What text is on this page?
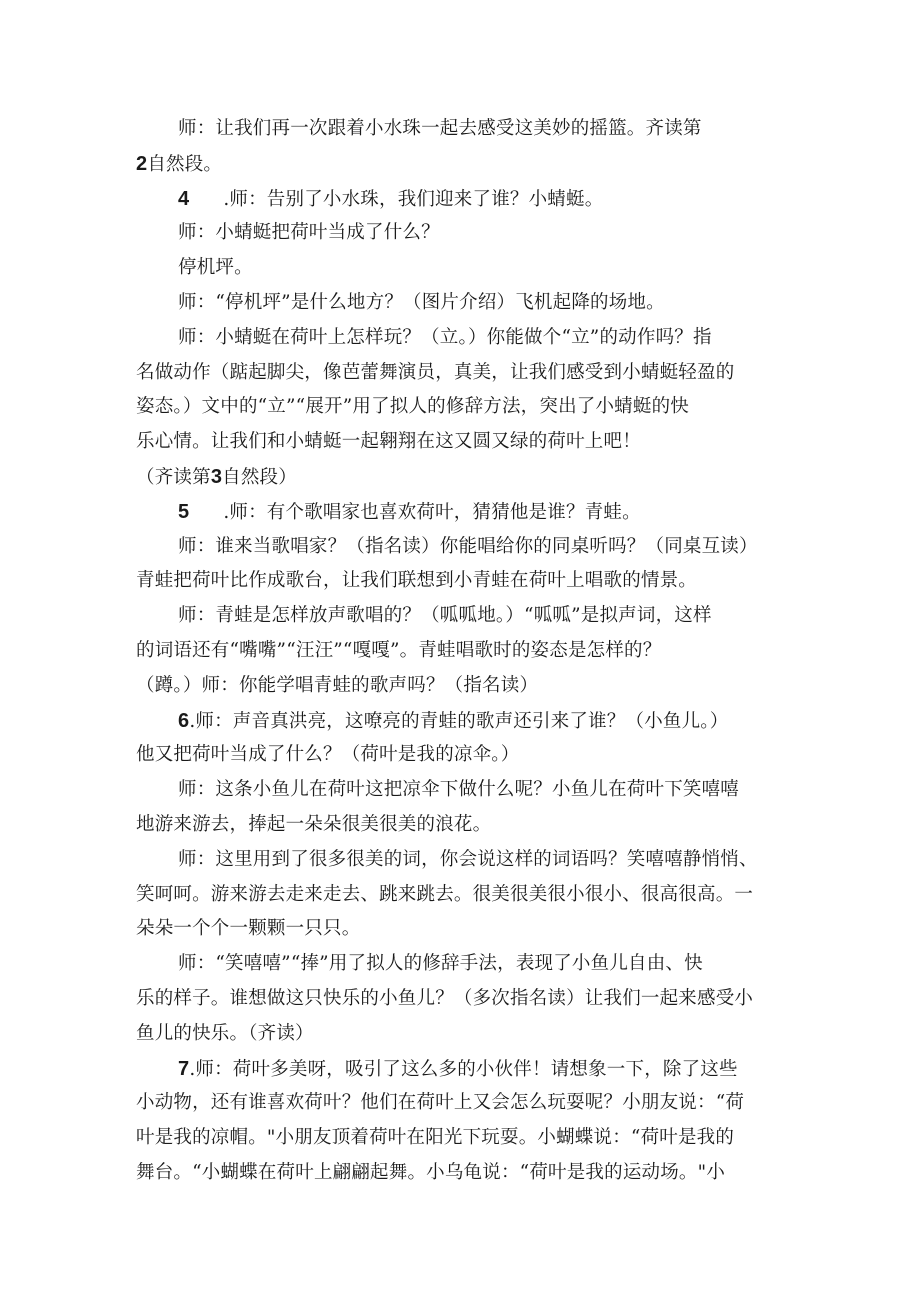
师：让我们再一次跟着小水珠一起去感受这美妙的摇篮。齐读第
2自然段。
4 .师：告别了小水珠，我们迎来了谁？小蜻蜓。
师：小蜻蜓把荷叶当成了什么？
停机坪。
师：“停机坪”是什么地方？（图片介绍）飞机起降的场地。
师：小蜻蜓在荷叶上怎样玩？（立。）你能做个“立”的动作吗？指
名做动作（踮起脚尖，像芭蕾舞演员，真美，让我们感受到小蜻蜓轻盈的
姿态。）文中的“立”“展开”用了拟人的修辞方法，突出了小蜻蜓的快
乐心情。让我们和小蜻蜓一起翱翔在这又圆又绿的荷叶上吧！
（齐读第3自然段）
5 .师：有个歌唱家也喜欢荷叶，猜猜他是谁？青蛙。
师：谁来当歌唱家？（指名读）你能唱给你的同桌听吗？（同桌互读）
青蛙把荷叶比作成歌台，让我们联想到小青蛙在荷叶上唱歌的情景。
师：青蛙是怎样放声歌唱的？（呱呱地。）“呱呱”是拟声词，这样
的词语还有“嘴嘴”“汪汪”“嘎嘎”。青蛙唱歌时的姿态是怎样的？
（蹲。）师：你能学唱青蛙的歌声吗？（指名读）
6.师：声音真洪亮，这嘹亮的青蛙的歌声还引来了谁？（小鱼儿。）
他又把荷叶当成了什么？（荷叶是我的凉伞。）
师：这条小鱼儿在荷叶这把凉伞下做什么呢？小鱼儿在荷叶下笑嘻嘻
地游来游去，捧起一朵朵很美很美的浪花。
师：这里用到了很多很美的词，你会说这样的词语吗？笑嘻嘻静悄悄、
笑呵呵。游来游去走来走去、跳来跳去。很美很美很小很小、很高很高。一
朵朵一个个一颗颗一只只。
师：“笑嘻嘻”“捧”用了拟人的修辞手法，表现了小鱼儿自由、快
乐的样子。谁想做这只快乐的小鱼儿？（多次指名读）让我们一起来感受小
鱼儿的快乐。（齐读）
7.师：荷叶多美呀，吸引了这么多的小伙伴！请想象一下，除了这些
小动物，还有谁喜欢荷叶？他们在荷叶上又会怎么玩耍呢？小朋友说：“荷
叶是我的凉帽。"小朋友顶着荷叶在阳光下玩耍。小蝴蝶说：“荷叶是我的
舞台。“小蝴蝶在荷叶上翩翩起舞。小乌龟说：“荷叶是我的运动场。"小
